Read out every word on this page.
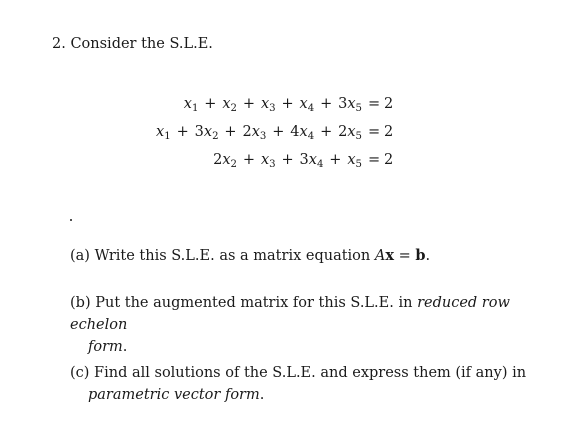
2. Consider the S.L.E.
$x_1 + x_2 + x_3 + x_4 + 3x_5 = 2$
$x_1 + 3x_2 + 2x_3 + 4x_4 + 2x_5 = 2$
$2x_2 + x_3 + 3x_4 + x_5 = 2$
(a) Write this S.L.E. as a matrix equation Ax = b.
(b) Put the augmented matrix for this S.L.E. in reduced row echelon
form.
(c) Find all solutions of the S.L.E. and express them (if any) in
parametric vector form.
